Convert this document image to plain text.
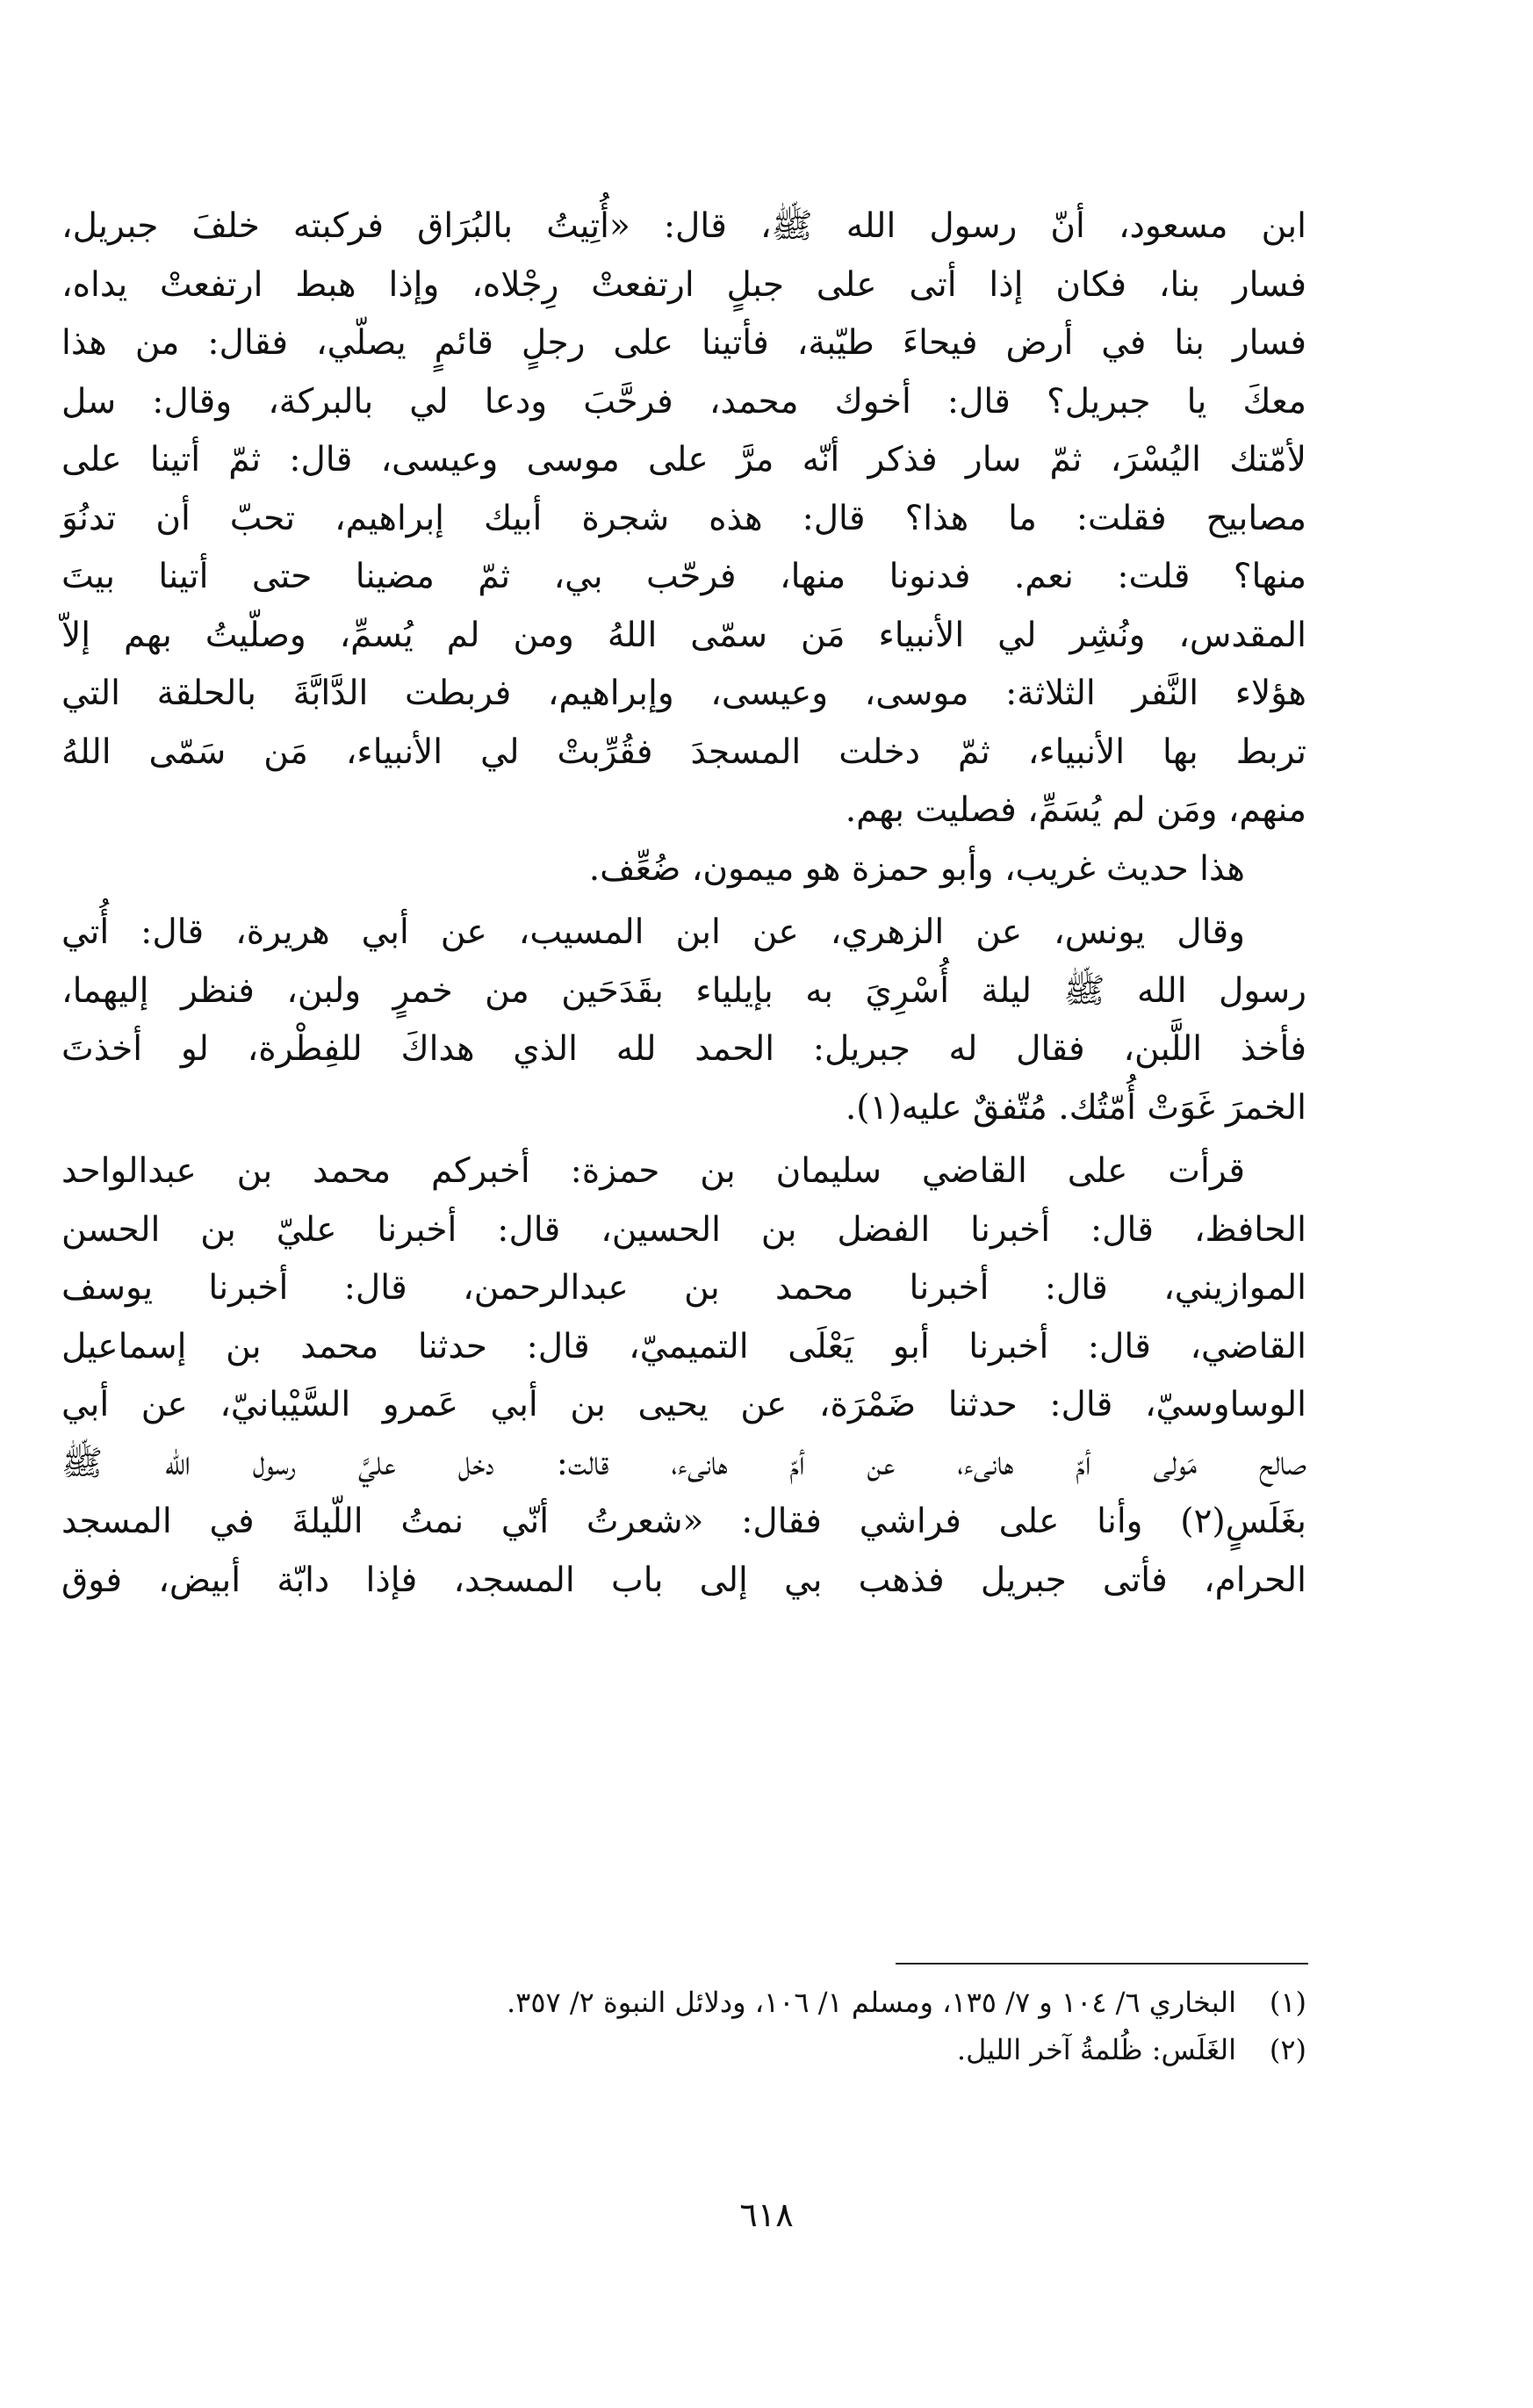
ابن مسعود، أنّ رسول الله ﷺ، قال: «أُتِيتُ بالبُرَاق فركبته خلفَ جبريل،
فسار بنا، فكان إذا أتى على جبلٍ ارتفعتْ رِجْلاه، وإذا هبط ارتفعتْ يداه،
فسار بنا في أرض فيحاءَ طيّبة، فأتينا على رجلٍ قائمٍ يصلّي، فقال: من هذا
معكَ يا جبريل؟ قال: أخوك محمد، فرحَّبَ ودعا لي بالبركة، وقال: سل
لأمّتك اليُسْرَ، ثمّ سار فذكر أنّه مرَّ على موسى وعيسى، قال: ثمّ أتينا على
مصابيح فقلت: ما هذا؟ قال: هذه شجرة أبيك إبراهيم، تحبّ أن تدنُوَ
منها؟ قلت: نعم. فدنونا منها، فرحّب بي، ثمّ مضينا حتى أتينا بيتَ
المقدس، ونُشِر لي الأنبياء مَن سمّى اللهُ ومن لم يُسمِّ، وصلّيتُ بهم إلاّ
هؤلاء النَّفر الثلاثة: موسى، وعيسى، وإبراهيم، فربطت الدَّابَّةَ بالحلقة التي
تربط بها الأنبياء، ثمّ دخلت المسجدَ فقُرِّبتْ لي الأنبياء، مَن سَمّى اللهُ
منهم، ومَن لم يُسَمِّ، فصليت بهم.
هذا حديث غريب، وأبو حمزة هو ميمون، ضُعِّف.
وقال يونس، عن الزهري، عن ابن المسيب، عن أبي هريرة، قال: أُتي
رسول الله ﷺ ليلة أُسْرِيَ به بإيلياء بقَدَحَين من خمرٍ ولبن، فنظر إليهما،
فأخذ اللَّبن، فقال له جبريل: الحمد لله الذي هداكَ للفِطْرة، لو أخذتَ
الخمرَ غَوَتْ أُمّتُك. مُتّفقٌ عليه(١).
قرأت على القاضي سليمان بن حمزة: أخبركم محمد بن عبدالواحد
الحافظ، قال: أخبرنا الفضل بن الحسين، قال: أخبرنا عليّ بن الحسن
الموازيني، قال: أخبرنا محمد بن عبدالرحمن، قال: أخبرنا يوسف
القاضي، قال: أخبرنا أبو يَعْلَى التميميّ، قال: حدثنا محمد بن إسماعيل
الوساوسيّ، قال: حدثنا ضَمْرَة، عن يحيى بن أبي عَمرو السَّيْبانيّ، عن أبي
صالح مَولى أمّ هانىء، عن أمّ هانىء، قالت: دخل عليَّ رسول الله ﷺ
بغَلَسٍ(٢) وأنا على فراشي فقال: «شعرتُ أنّي نمتُ اللّيلةَ في المسجد
الحرام، فأتى جبريل فذهب بي إلى باب المسجد، فإذا دابّة أبيض، فوق

(١)البخاري ٦/ ١٠٤ و ٧/ ١٣٥، ومسلم ١/ ١٠٦، ودلائل النبوة ٢/ ٣٥٧.

(٢)الغَلَس: ظُلمةُ آخر الليل.

٦١٨
